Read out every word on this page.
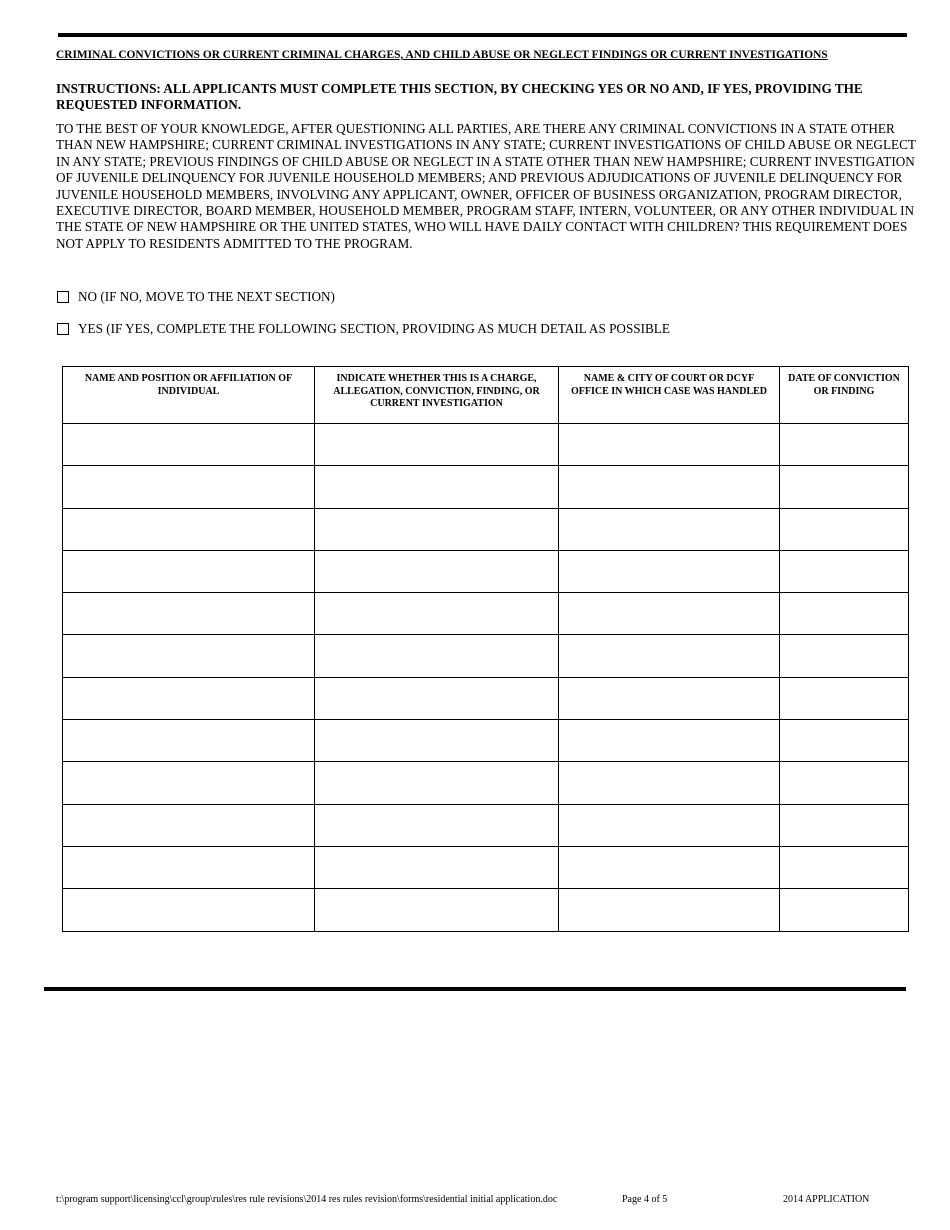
CRIMINAL CONVICTIONS OR CURRENT CRIMINAL CHARGES, AND CHILD ABUSE OR NEGLECT FINDINGS OR CURRENT INVESTIGATIONS
INSTRUCTIONS: ALL APPLICANTS MUST COMPLETE THIS SECTION, BY CHECKING YES OR NO AND, IF YES, PROVIDING THE REQUESTED INFORMATION.
TO THE BEST OF YOUR KNOWLEDGE, AFTER QUESTIONING ALL PARTIES, ARE THERE ANY CRIMINAL CONVICTIONS IN A STATE OTHER THAN NEW HAMPSHIRE; CURRENT CRIMINAL INVESTIGATIONS IN ANY STATE; CURRENT INVESTIGATIONS OF CHILD ABUSE OR NEGLECT IN ANY STATE; PREVIOUS FINDINGS OF CHILD ABUSE OR NEGLECT IN A STATE OTHER THAN NEW HAMPSHIRE; CURRENT INVESTIGATION OF JUVENILE DELINQUENCY FOR JUVENILE HOUSEHOLD MEMBERS; AND PREVIOUS ADJUDICATIONS OF JUVENILE DELINQUENCY FOR JUVENILE HOUSEHOLD MEMBERS, INVOLVING ANY APPLICANT, OWNER, OFFICER OF BUSINESS ORGANIZATION, PROGRAM DIRECTOR, EXECUTIVE DIRECTOR, BOARD MEMBER, HOUSEHOLD MEMBER, PROGRAM STAFF, INTERN, VOLUNTEER, OR ANY OTHER INDIVIDUAL IN THE STATE OF NEW HAMPSHIRE OR THE UNITED STATES, WHO WILL HAVE DAILY CONTACT WITH CHILDREN? THIS REQUIREMENT DOES NOT APPLY TO RESIDENTS ADMITTED TO THE PROGRAM.
NO (IF NO, MOVE TO THE NEXT SECTION)
YES (IF YES, COMPLETE THE FOLLOWING SECTION, PROVIDING AS MUCH DETAIL AS POSSIBLE
NAME AND POSITION OR AFFILIATION OF INDIVIDUAL	INDICATE WHETHER THIS IS A CHARGE, ALLEGATION, CONVICTION, FINDING, OR CURRENT INVESTIGATION	NAME & CITY OF COURT OR DCYF OFFICE IN WHICH CASE WAS HANDLED	DATE OF CONVICTION OR FINDING

t:\program support\licensing\ccl\group\rules\res rule revisions\2014 res rules revision\forms\residential initial application.doc	Page 4 of 5	2014 APPLICATION
